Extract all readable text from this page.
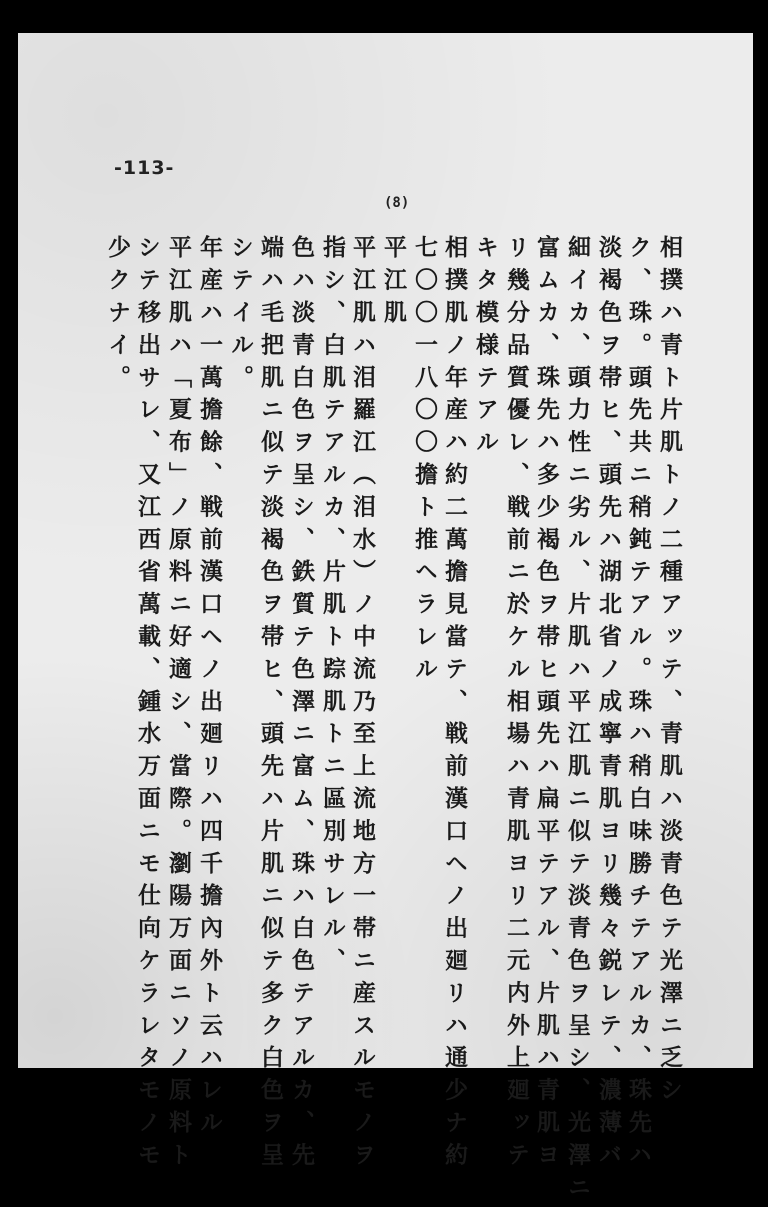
-113-
(8)
相撲ハ青ト片肌トノ二種アッテ、青肌ハ淡青色テ光澤ニ乏シ
ク、珠。頭先共ニ稍鈍テアル。珠ハ稍白味勝チテアルカ、珠先ハ
淡褐色ヲ帯ヒ、頭先ハ湖北省ノ成寧青肌ヨリ幾々鋭レテ、濃薄バ
細イカ、頭力性ニ劣ル、片肌ハ平江肌ニ似テ淡青色ヲ呈シ、光澤ニ
富ムカ、珠先ハ多少褐色ヲ帯ヒ頭先ハ扁平テアル、片肌ハ青肌ヨ
リ幾分品質優レ、戦前ニ於ケル相場ハ青肌ヨリ二元内外上廻ッテ
キタ模様テアル
相撲肌ノ年産ハ約二萬擔見當テ、戦前漢口ヘノ出廻リハ通少ナ約
七〇〇一八〇〇擔ト推ヘラレル
平江肌
平江肌ハ泪羅江（泪水）ノ中流乃至上流地方一帯ニ産スルモノヲ
指シ、白肌テアルカ、片肌ト踪肌トニ區別サレル、
色ハ淡青白色ヲ呈シ、鉄質テ色澤ニ富ム、珠ハ白色テアルカ、先
端ハ毛把肌ニ似テ淡褐色ヲ帯ヒ、頭先ハ片肌ニ似テ多ク白色ヲ呈
シテイル。
年産ハ一萬擔餘、戦前漢口ヘノ出廻リハ四千擔內外ト云ハレル
平江肌ハ「夏布」ノ原料ニ好適シ、當際。瀏陽万面ニソノ原料ト
シテ移出サレ、又江西省萬載、鍾水万面ニモ仕向ケラレタモノモ
少クナイ。
